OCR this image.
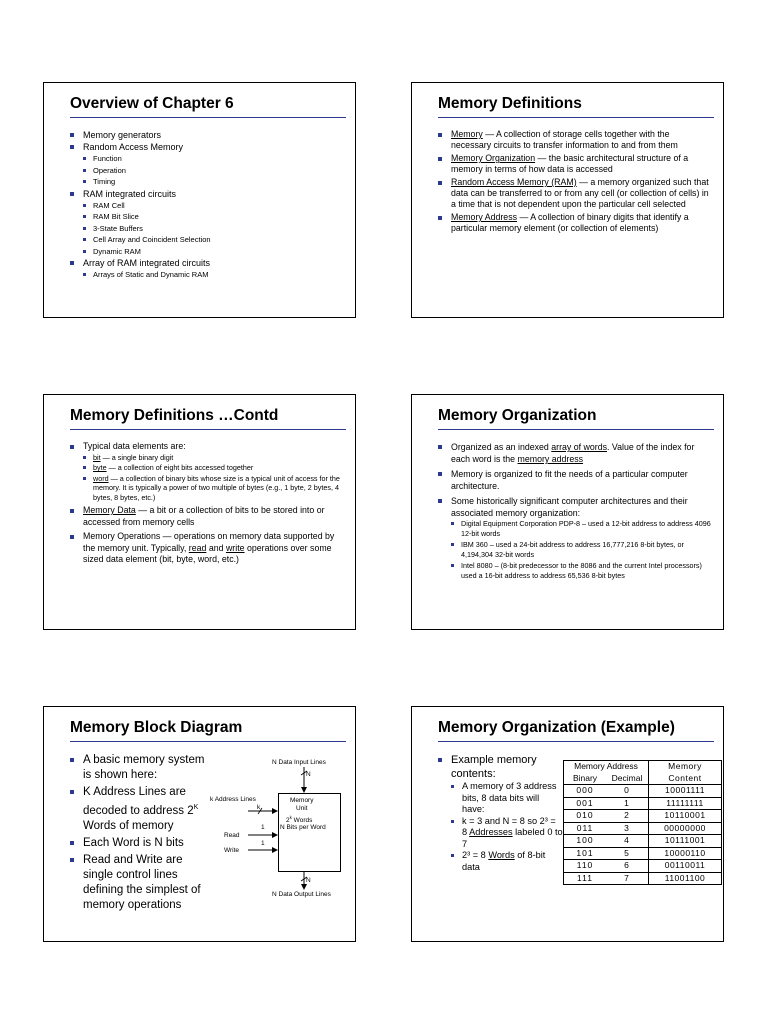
Overview of Chapter 6
Memory generators
Random Access Memory
Function
Operation
Timing
RAM integrated circuits
RAM Cell
RAM Bit Slice
3-State Buffers
Cell Array and Coincident Selection
Dynamic RAM
Array of RAM integrated circuits
Arrays of Static and Dynamic RAM
Memory Definitions
Memory — A collection of storage cells together with the necessary circuits to transfer information to and from them
Memory Organization — the basic architectural structure of a memory in terms of how data is accessed
Random Access Memory (RAM) — a memory organized such that data can be transferred to or from any cell (or collection of cells) in a time that is not dependent upon the particular cell selected
Memory Address — A collection of binary digits that identify a particular memory element (or collection of elements)
Memory Definitions …Contd
Typical data elements are:
bit — a single binary digit
byte — a collection of eight bits accessed together
word — a collection of binary bits whose size is a typical unit of access for the memory. It is typically a power of two multiple of bytes (e.g., 1 byte, 2 bytes, 4 bytes, 8 bytes, etc.)
Memory Data — a bit or a collection of bits to be stored into or accessed from memory cells
Memory Operations — operations on memory data supported by the memory unit. Typically, read and write operations over some sized data element (bit, byte, word, etc.)
Memory Organization
Organized as an indexed array of words. Value of the index for each word is the memory address
Memory is organized to fit the needs of a particular computer architecture.
Some historically significant computer architectures and their associated memory organization:
Digital Equipment Corporation PDP-8 – used a 12-bit address to address 4096 12-bit words
IBM 360 – used a 24-bit address to address 16,777,216 8-bit bytes, or 4,194,304 32-bit words
Intel 8080 – (8-bit predecessor to the 8086 and the current Intel processors) used a 16-bit address to address 65,536 8-bit bytes
Memory Block Diagram
A basic memory system is shown here:
K Address Lines are decoded to address $2^K$ Words of memory
Each Word is N bits
Read and Write are single control lines defining the simplest of memory operations
N Data Input Lines
N
k Address Lines
k
Memory
Unit
2$^k$ Words
N Bits per Word
Read
1
Write
1
N
N Data Output Lines
Memory Organization (Example)
Example memory contents:
A memory of 3 address bits, 8 data bits will have:
k = 3 and N = 8 so 2³ = 8 Addresses labeled 0 to 7
2³ = 8 Words of 8-bit data
Memory Address		Memory
Binary	Decimal	Content
000	0	10001111
001	1	11111111
010	2	10110001
011	3	00000000
100	4	10111001
101	5	10000110
110	6	00110011
111	7	11001100
